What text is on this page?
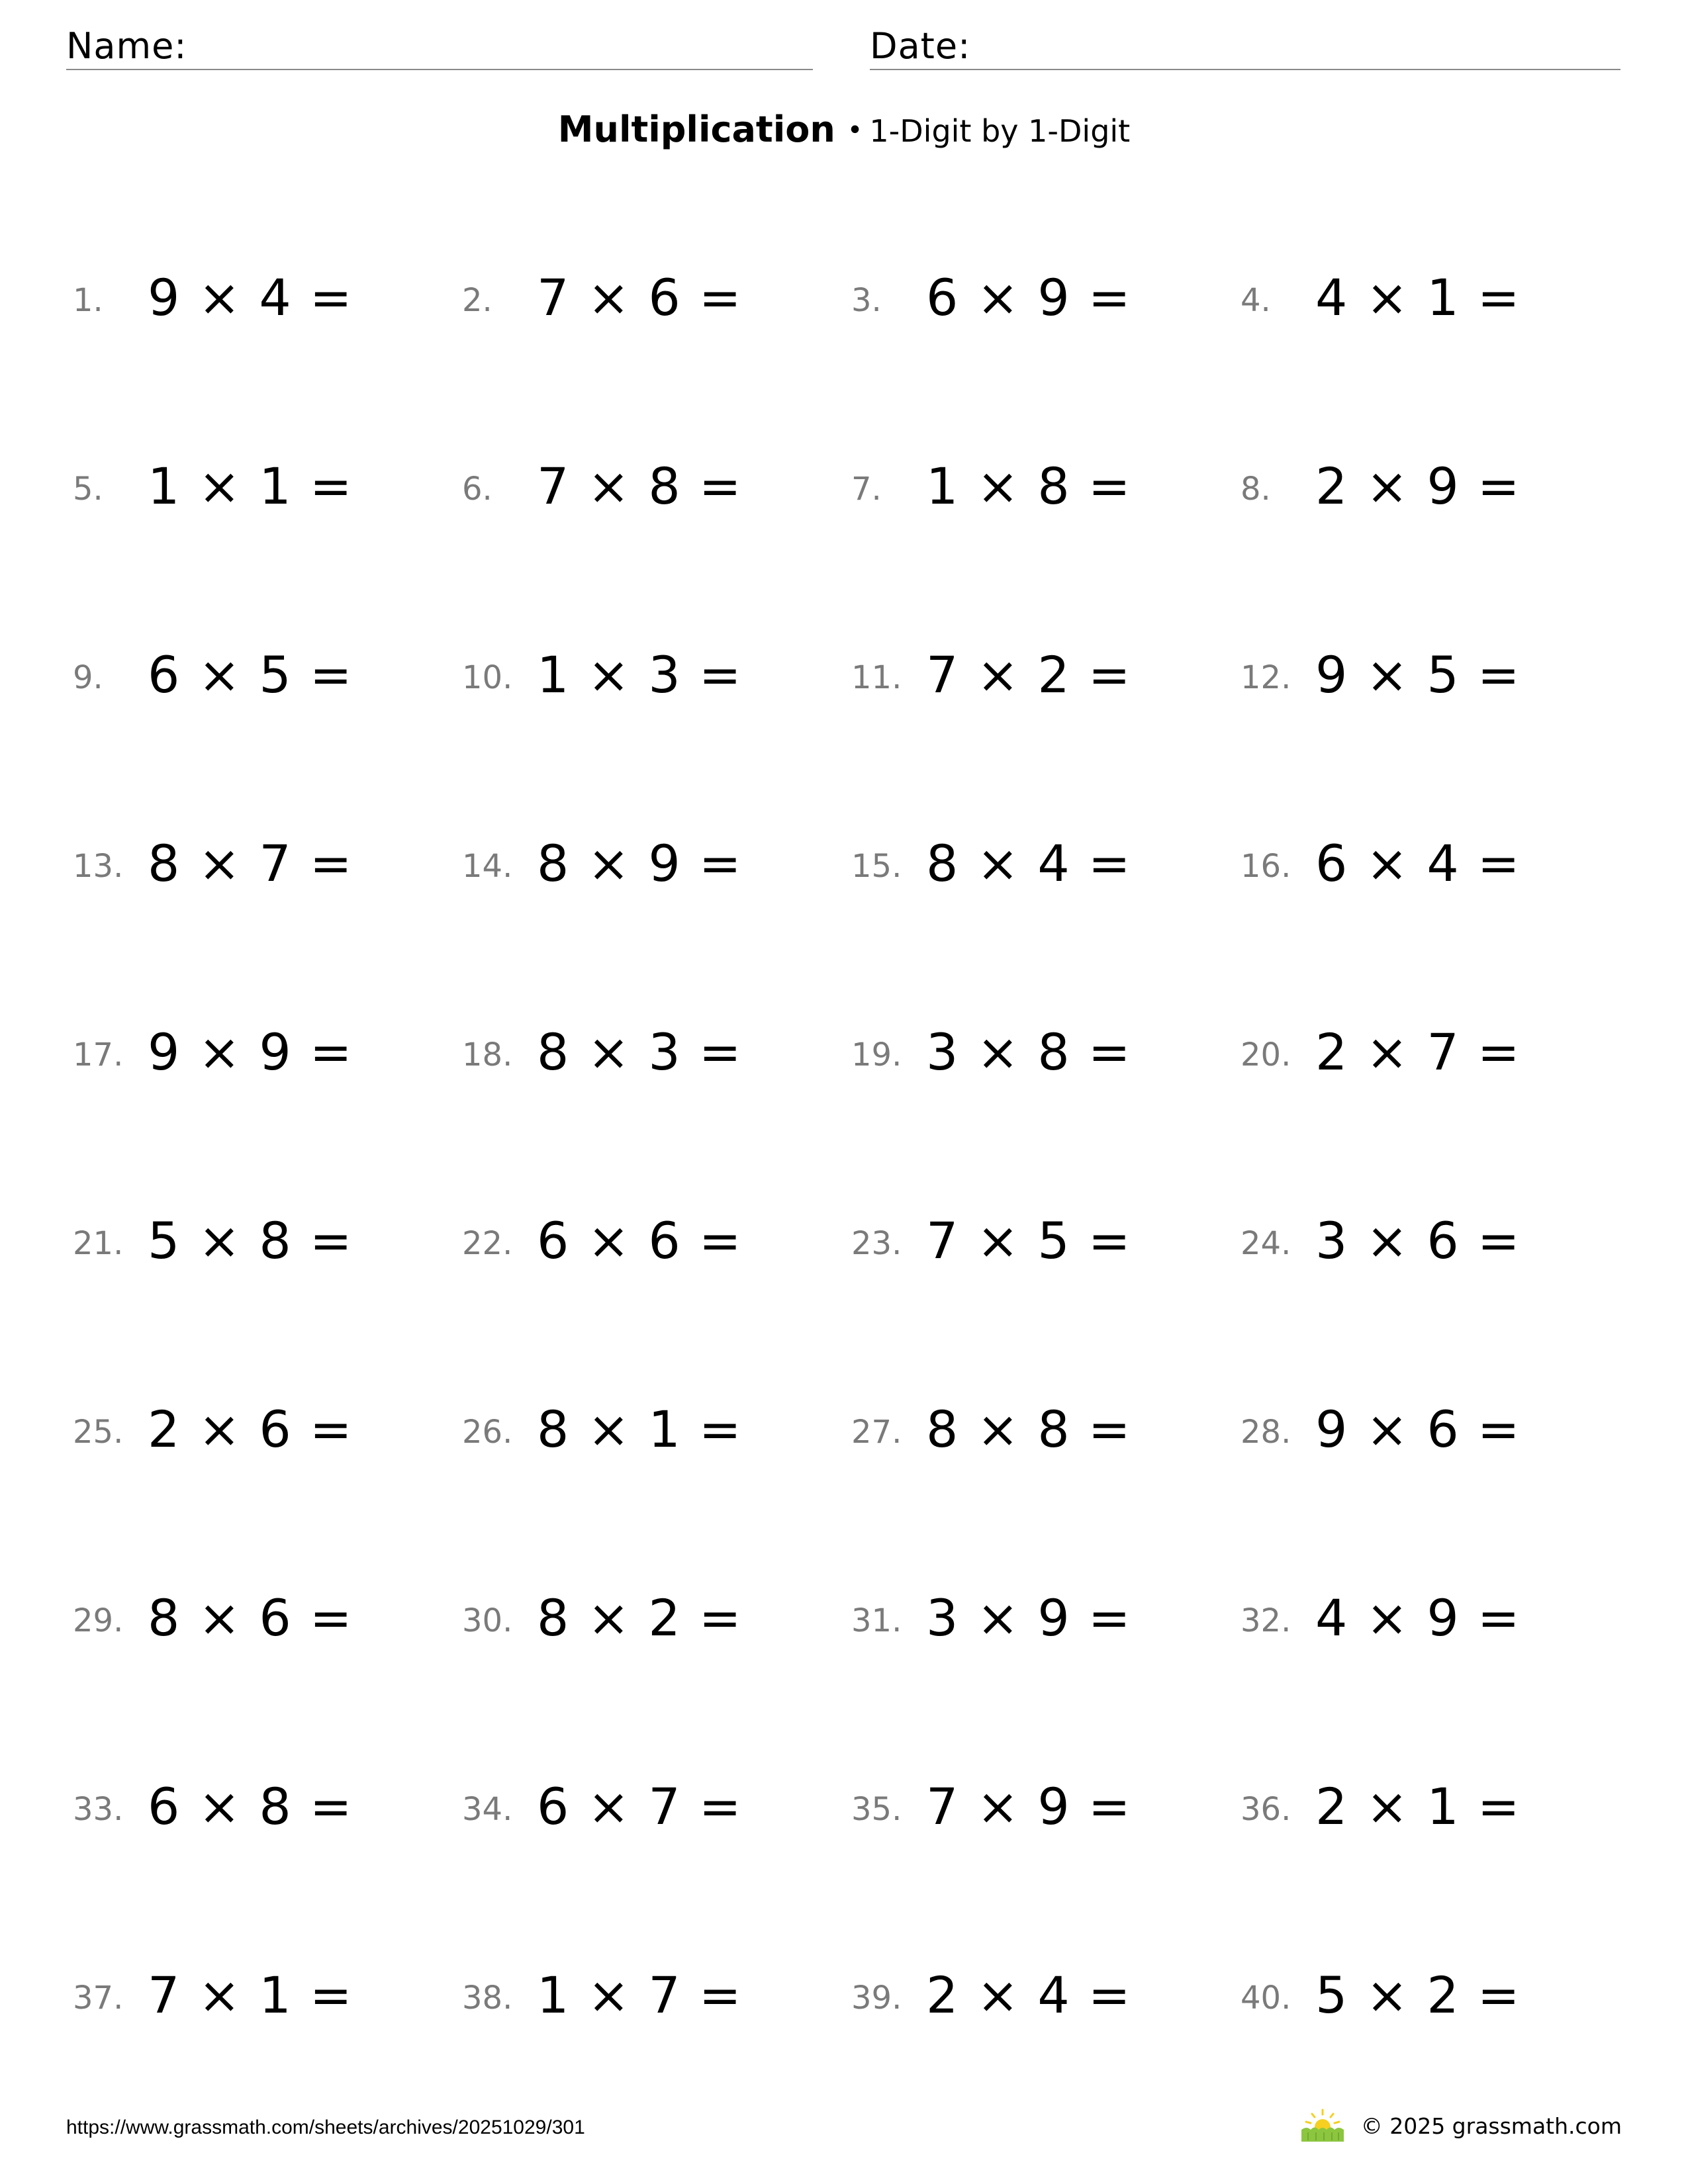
Name:	Date:
Multiplication • 1-Digit by 1-Digit
1. 9 × 4 =	2. 7 × 6 =	3. 6 × 9 =	4. 4 × 1 =
5. 1 × 1 =	6. 7 × 8 =	7. 1 × 8 =	8. 2 × 9 =
9. 6 × 5 =	10. 1 × 3 =	11. 7 × 2 =	12. 9 × 5 =
13. 8 × 7 =	14. 8 × 9 =	15. 8 × 4 =	16. 6 × 4 =
17. 9 × 9 =	18. 8 × 3 =	19. 3 × 8 =	20. 2 × 7 =
21. 5 × 8 =	22. 6 × 6 =	23. 7 × 5 =	24. 3 × 6 =
25. 2 × 6 =	26. 8 × 1 =	27. 8 × 8 =	28. 9 × 6 =
29. 8 × 6 =	30. 8 × 2 =	31. 3 × 9 =	32. 4 × 9 =
33. 6 × 8 =	34. 6 × 7 =	35. 7 × 9 =	36. 2 × 1 =
37. 7 × 1 =	38. 1 × 7 =	39. 2 × 4 =	40. 5 × 2 =
https://www.grassmath.com/sheets/archives/20251029/301	© 2025 grassmath.com
